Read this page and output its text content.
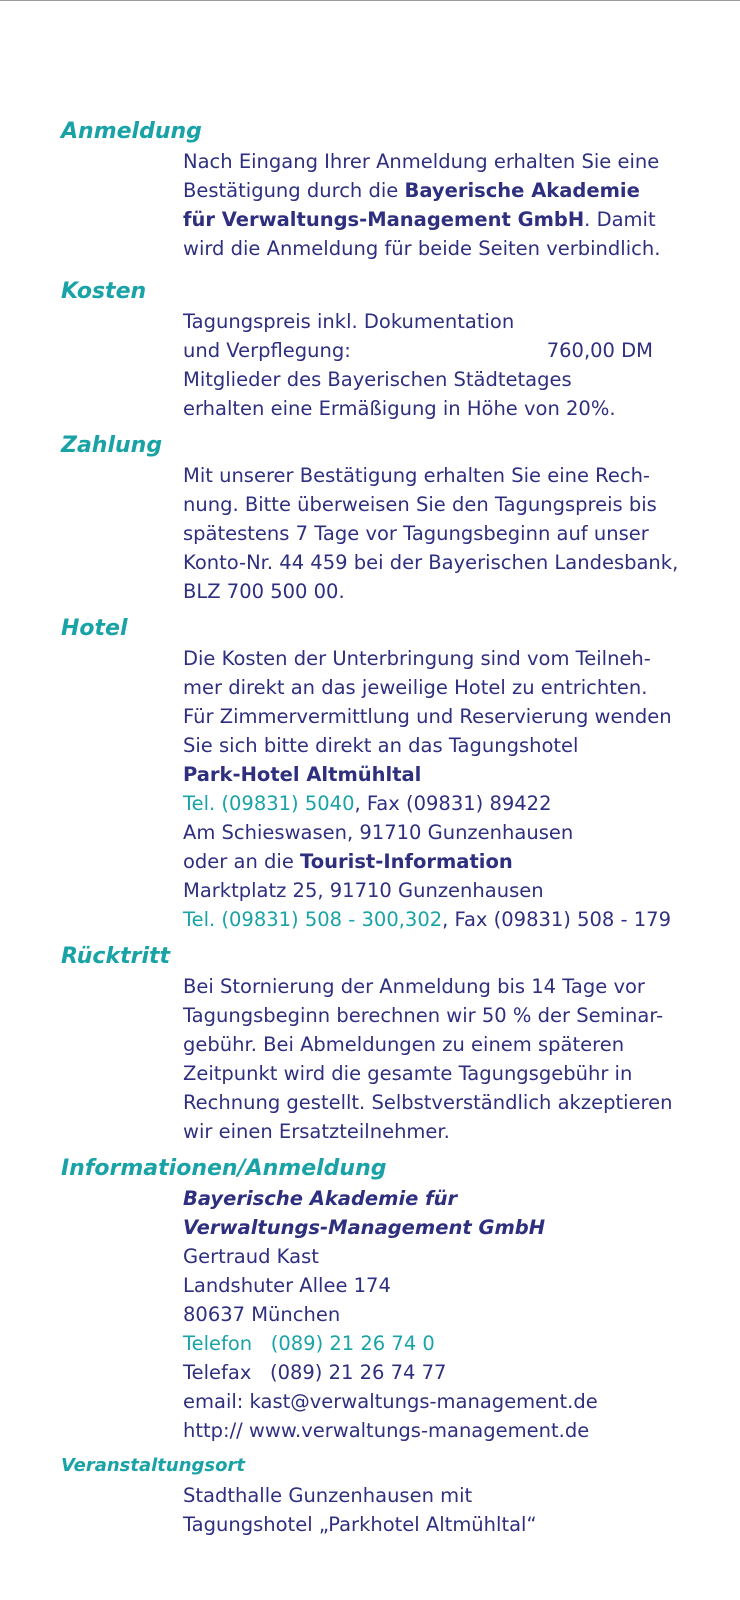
Anmeldung
Nach Eingang Ihrer Anmeldung erhalten Sie eine
Bestätigung durch die Bayerische Akademie
für Verwaltungs-Management GmbH. Damit
wird die Anmeldung für beide Seiten verbindlich.
Kosten
Tagungspreis inkl. Dokumentation
und Verpflegung:	760,00 DM
Mitglieder des Bayerischen Städtetages
erhalten eine Ermäßigung in Höhe von 20%.
Zahlung
Mit unserer Bestätigung erhalten Sie eine Rech-
nung. Bitte überweisen Sie den Tagungspreis bis
spätestens 7 Tage vor Tagungsbeginn auf unser
Konto-Nr. 44 459 bei der Bayerischen Landesbank,
BLZ 700 500 00.
Hotel
Die Kosten der Unterbringung sind vom Teilneh-
mer direkt an das jeweilige Hotel zu entrichten.
Für Zimmervermittlung und Reservierung wenden
Sie sich bitte direkt an das Tagungshotel
Park-Hotel Altmühltal
Tel. (09831) 5040, Fax (09831) 89422
Am Schieswasen, 91710 Gunzenhausen
oder an die Tourist-Information
Marktplatz 25, 91710 Gunzenhausen
Tel. (09831) 508 - 300,302, Fax (09831) 508 - 179
Rücktritt
Bei Stornierung der Anmeldung bis 14 Tage vor
Tagungsbeginn berechnen wir 50 % der Seminar-
gebühr. Bei Abmeldungen zu einem späteren
Zeitpunkt wird die gesamte Tagungsgebühr in
Rechnung gestellt. Selbstverständlich akzeptieren
wir einen Ersatzteilnehmer.
Informationen/Anmeldung
Bayerische Akademie für
Verwaltungs-Management GmbH
Gertraud Kast
Landshuter Allee 174
80637 München
Telefon   (089) 21 26 74 0
Telefax   (089) 21 26 74 77
email: kast@verwaltungs-management.de
http:// www.verwaltungs-management.de
Veranstaltungsort
Stadthalle Gunzenhausen mit
Tagungshotel „Parkhotel Altmühltal“
